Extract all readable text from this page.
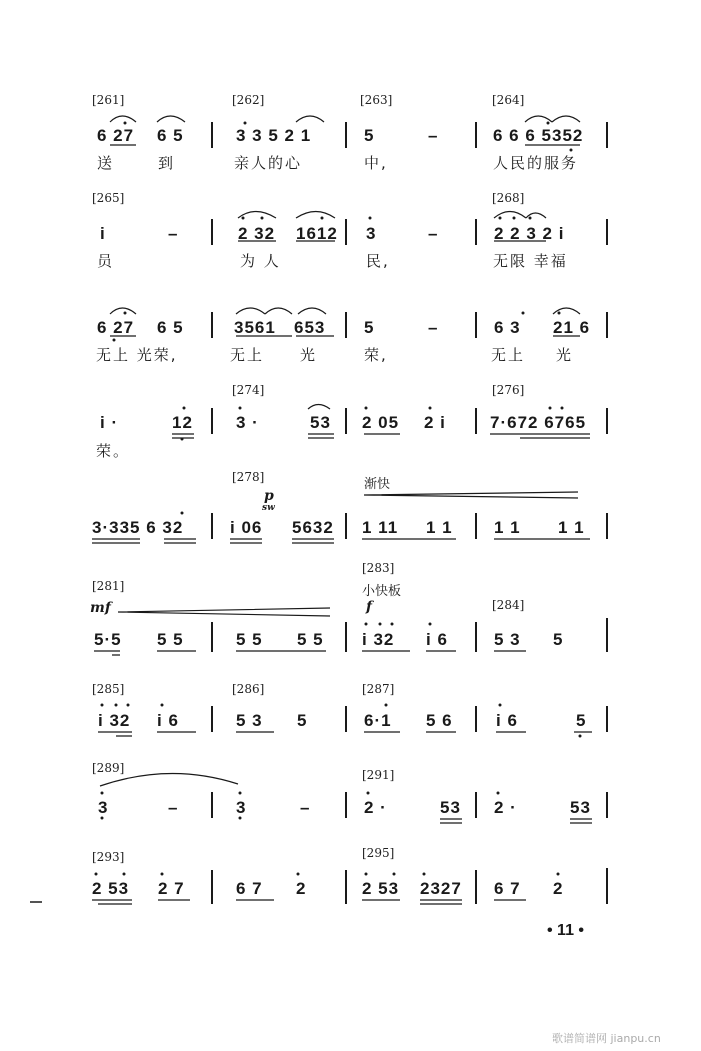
[261]	[262]	[263]	[264]
6 27 6 5	3 3 5 2 1	5	–	6 6 6 5352
送	到	亲人的心	中,	人民的服务
[265]	[268]
i	–	2 32 1612 3	–	2 2 3 2 i
员	为 人	民,	无限 幸福
6 27 6 5	3561 653 5	–	6 3 21 6
无上 光荣,	无上 光	荣,	无上 光
[274]	[276]
i ·	12	3 ·	53 2 05 2 i	7·672 6765
荣。
[278]
p
sw
渐快
3·335 6 32	i 06 5632 1 11 1 1 1 1 1 1
[281]
mf
[283]
小快板
f	[284]
5·5 5 5	5 5 5 5 i 32 i 6	5 3 5
[285]	[286]	[287]
i 32 i 6	5 3 5	6·1 5 6	i 6	5
[289]	[291]
3	–	3	–	2 ·	53 2 ·	53
[293]	[295]
2 53 2 7	6 7 2	2 53 2327 6 7 2
• 11 •
歌谱简谱网 jianpu.cn
